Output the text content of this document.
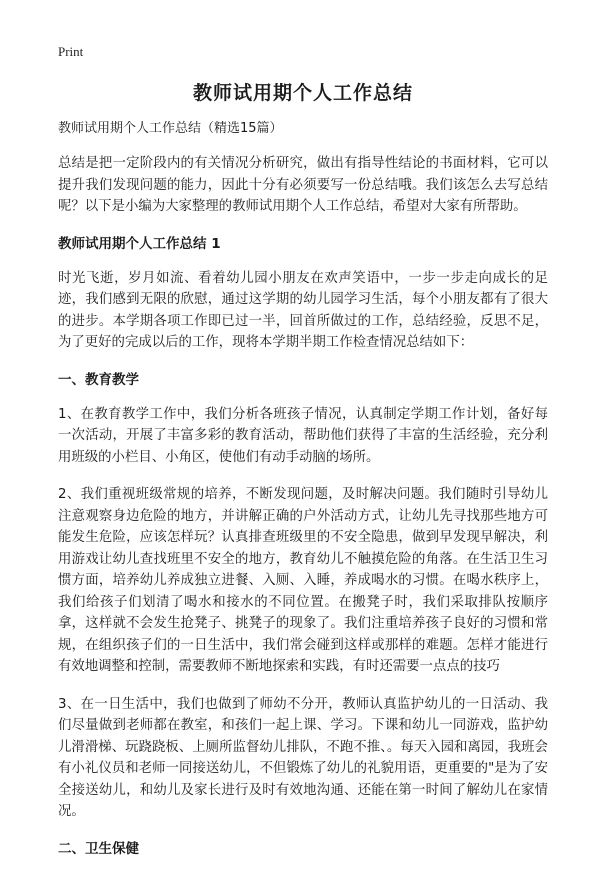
Print
教师试用期个人工作总结
教师试用期个人工作总结（精选15篇）

总结是把一定阶段内的有关情况分析研究，做出有指导性结论的书面材料，它可以提升我们发现问题的能力，因此十分有必须要写一份总结哦。我们该怎么去写总结呢？以下是小编为大家整理的教师试用期个人工作总结，希望对大家有所帮助。

教师试用期个人工作总结 1

时光飞逝，岁月如流、看着幼儿园小朋友在欢声笑语中，一步一步走向成长的足迹，我们感到无限的欣慰，通过这学期的幼儿园学习生活，每个小朋友都有了很大的进步。本学期各项工作即已过一半，回首所做过的工作，总结经验，反思不足，为了更好的完成以后的工作，现将本学期半期工作检查情况总结如下：

一、教育教学

1、在教育教学工作中，我们分析各班孩子情况，认真制定学期工作计划，备好每一次活动，开展了丰富多彩的教育活动，帮助他们获得了丰富的生活经验，充分利用班级的小栏目、小角区，使他们有动手动脑的场所。

2、我们重视班级常规的培养，不断发现问题，及时解决问题。我们随时引导幼儿注意观察身边危险的地方，并讲解正确的户外活动方式，让幼儿先寻找那些地方可能发生危险，应该怎样玩？认真排查班级里的不安全隐患，做到早发现早解决，利用游戏让幼儿查找班里不安全的地方，教育幼儿不触摸危险的角落。在生活卫生习惯方面，培养幼儿养成独立进餐、入厕、入睡，养成喝水的习惯。在喝水秩序上，我们给孩子们划清了喝水和接水的不同位置。在搬凳子时，我们采取排队按顺序拿，这样就不会发生抢凳子、挑凳子的现象了。我们注重培养孩子良好的习惯和常规，在组织孩子们的一日生活中，我们常会碰到这样或那样的难题。怎样才能进行有效地调整和控制，需要教师不断地探索和实践，有时还需要一点点的技巧

3、在一日生活中，我们也做到了师幼不分开，教师认真监护幼儿的一日活动、我们尽量做到老师都在教室，和孩们一起上课、学习。下课和幼儿一同游戏，监护幼儿滑滑梯、玩跷跷板、上厕所监督幼儿排队，不跑不推、。每天入园和离园，我班会有小礼仪员和老师一同接送幼儿，不但锻炼了幼儿的礼貌用语，更重要的"是为了安全接送幼儿，和幼儿及家长进行及时有效地沟通、还能在第一时间了解幼儿在家情况。

二、卫生保健
